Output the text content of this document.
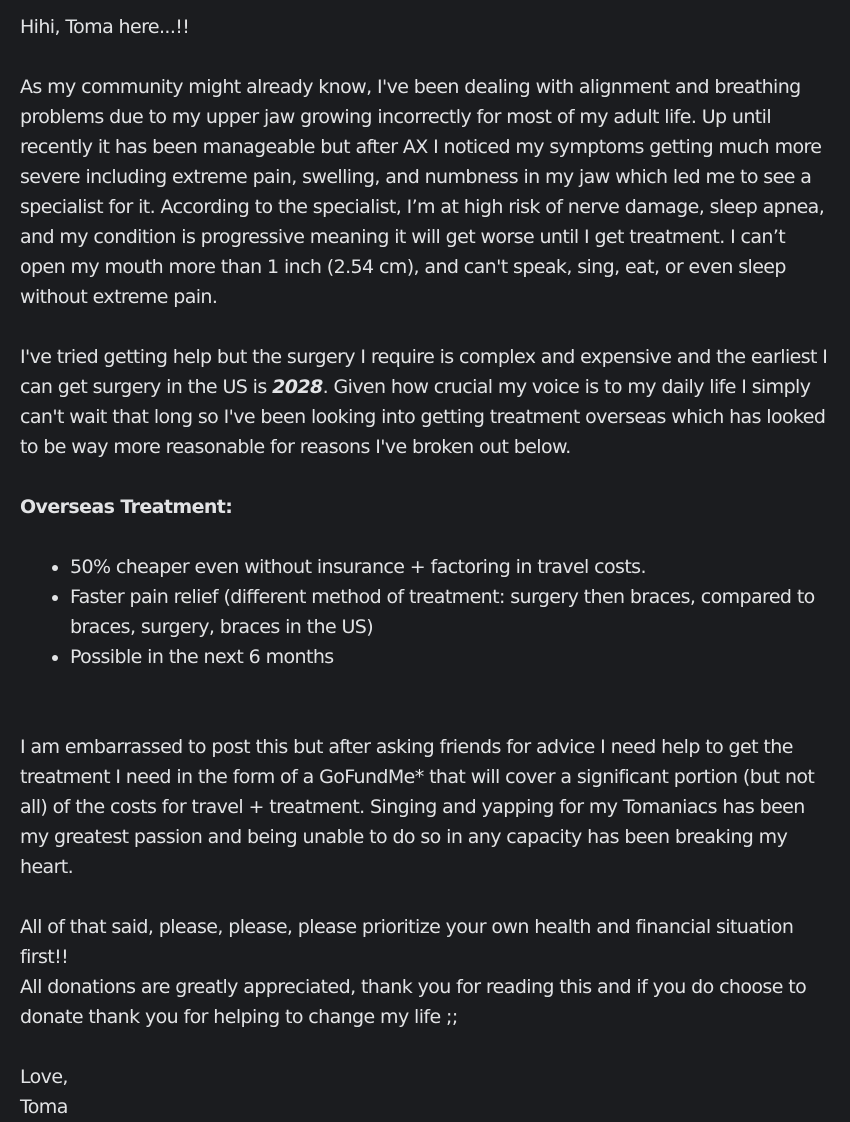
Hihi, Toma here...!!

As my community might already know, I've been dealing with alignment and breathing problems due to my upper jaw growing incorrectly for most of my adult life. Up until recently it has been manageable but after AX I noticed my symptoms getting much more severe including extreme pain, swelling, and numbness in my jaw which led me to see a specialist for it. According to the specialist, I’m at high risk of nerve damage, sleep apnea, and my condition is progressive meaning it will get worse until I get treatment. I can’t open my mouth more than 1 inch (2.54 cm), and can't speak, sing, eat, or even sleep without extreme pain.

I've tried getting help but the surgery I require is complex and expensive and the earliest I can get surgery in the US is 2028. Given how crucial my voice is to my daily life I simply can't wait that long so I've been looking into getting treatment overseas which has looked to be way more reasonable for reasons I've broken out below.

Overseas Treatment:

• 50% cheaper even without insurance + factoring in travel costs.
• Faster pain relief (different method of treatment: surgery then braces, compared to braces, surgery, braces in the US)
• Possible in the next 6 months

I am embarrassed to post this but after asking friends for advice I need help to get the treatment I need in the form of a GoFundMe* that will cover a significant portion (but not all) of the costs for travel + treatment. Singing and yapping for my Tomaniacs has been my greatest passion and being unable to do so in any capacity has been breaking my heart.

All of that said, please, please, please prioritize your own health and financial situation first!!

All donations are greatly appreciated, thank you for reading this and if you do choose to donate thank you for helping to change my life ;;

Love,

Toma
